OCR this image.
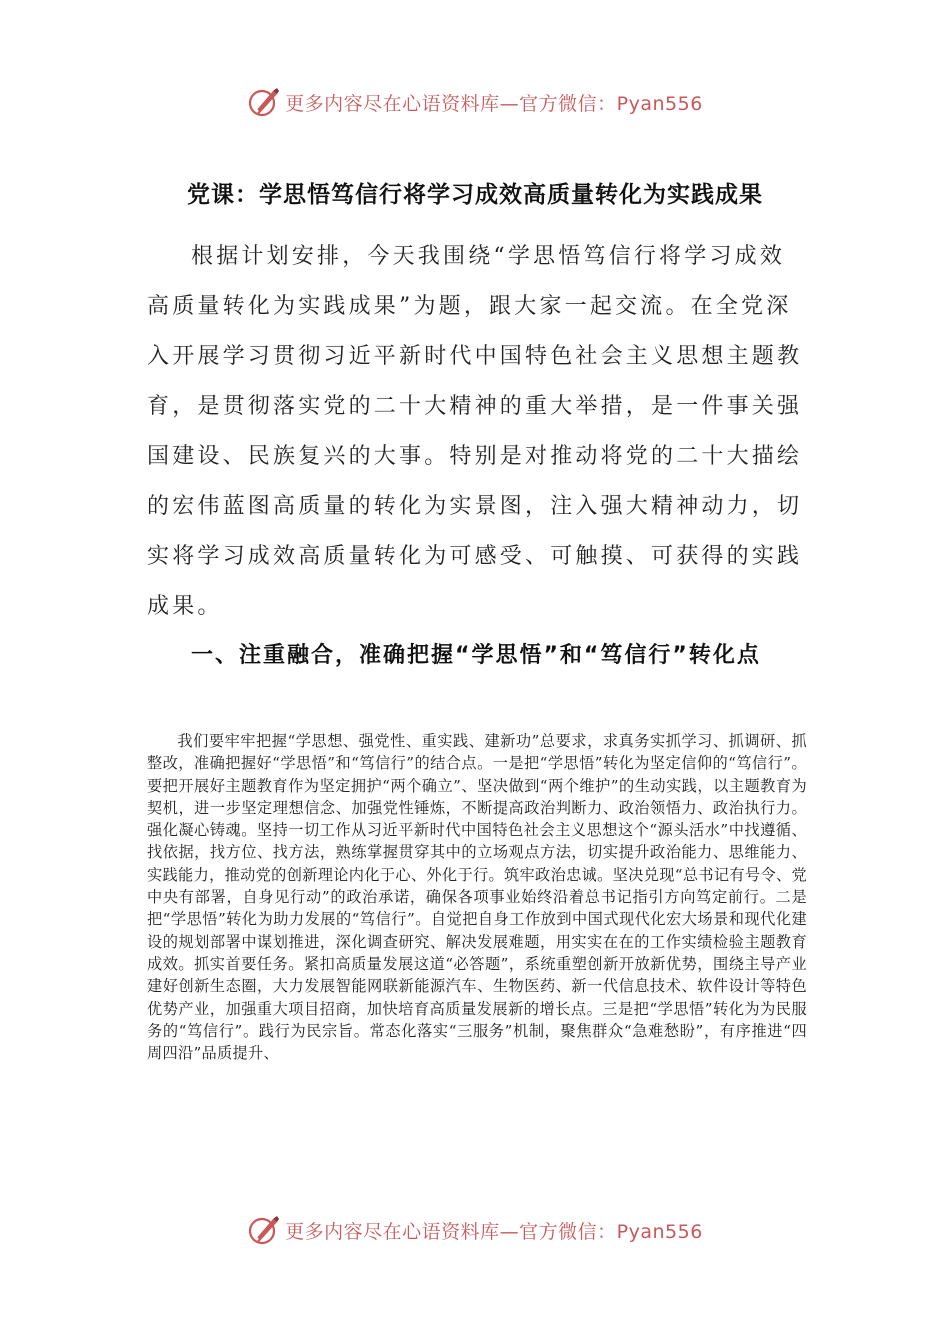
更多内容尽在心语资料库—官方微信：Pyan556
党课：学思悟笃信行将学习成效高质量转化为实践成果

根据计划安排，今天我围绕“学思悟笃信行将学习成效高质量转化为实践成果”为题，跟大家一起交流。在全党深入开展学习贯彻习近平新时代中国特色社会主义思想主题教育，是贯彻落实党的二十大精神的重大举措，是一件事关强国建设、民族复兴的大事。特别是对推动将党的二十大描绘的宏伟蓝图高质量的转化为实景图，注入强大精神动力，切实将学习成效高质量转化为可感受、可触摸、可获得的实践成果。

一、注重融合，准确把握“学思悟”和“笃信行”转化点

我们要牢牢把握“学思想、强党性、重实践、建新功”总要求，求真务实抓学习、抓调研、抓整改，准确把握好“学思悟”和“笃信行”的结合点。一是把“学思悟”转化为坚定信仰的“笃信行”。要把开展好主题教育作为坚定拥护“两个确立”、坚决做到“两个维护”的生动实践，以主题教育为契机，进一步坚定理想信念、加强党性锤炼，不断提高政治判断力、政治领悟力、政治执行力。强化凝心铸魂。坚持一切工作从习近平新时代中国特色社会主义思想这个“源头活水”中找遵循、找依据，找方位、找方法，熟练掌握贯穿其中的立场观点方法，切实提升政治能力、思维能力、实践能力，推动党的创新理论内化于心、外化于行。筑牢政治忠诚。坚决兑现“总书记有号令、党中央有部署，自身见行动”的政治承诺，确保各项事业始终沿着总书记指引方向笃定前行。二是把“学思悟”转化为助力发展的“笃信行”。自觉把自身工作放到中国式现代化宏大场景和现代化建设的规划部署中谋划推进，深化调查研究、解决发展难题，用实实在在的工作实绩检验主题教育成效。抓实首要任务。紧扣高质量发展这道“必答题”，系统重塑创新开放新优势，围绕主导产业建好创新生态圈，大力发展智能网联新能源汽车、生物医药、新一代信息技术、软件设计等特色优势产业，加强重大项目招商，加快培育高质量发展新的增长点。三是把“学思悟”转化为为民服务的“笃信行”。践行为民宗旨。常态化落实“三服务”机制，聚焦群众“急难愁盼”，有序推进“四周四沿”品质提升、

更多内容尽在心语资料库—官方微信：Pyan556
